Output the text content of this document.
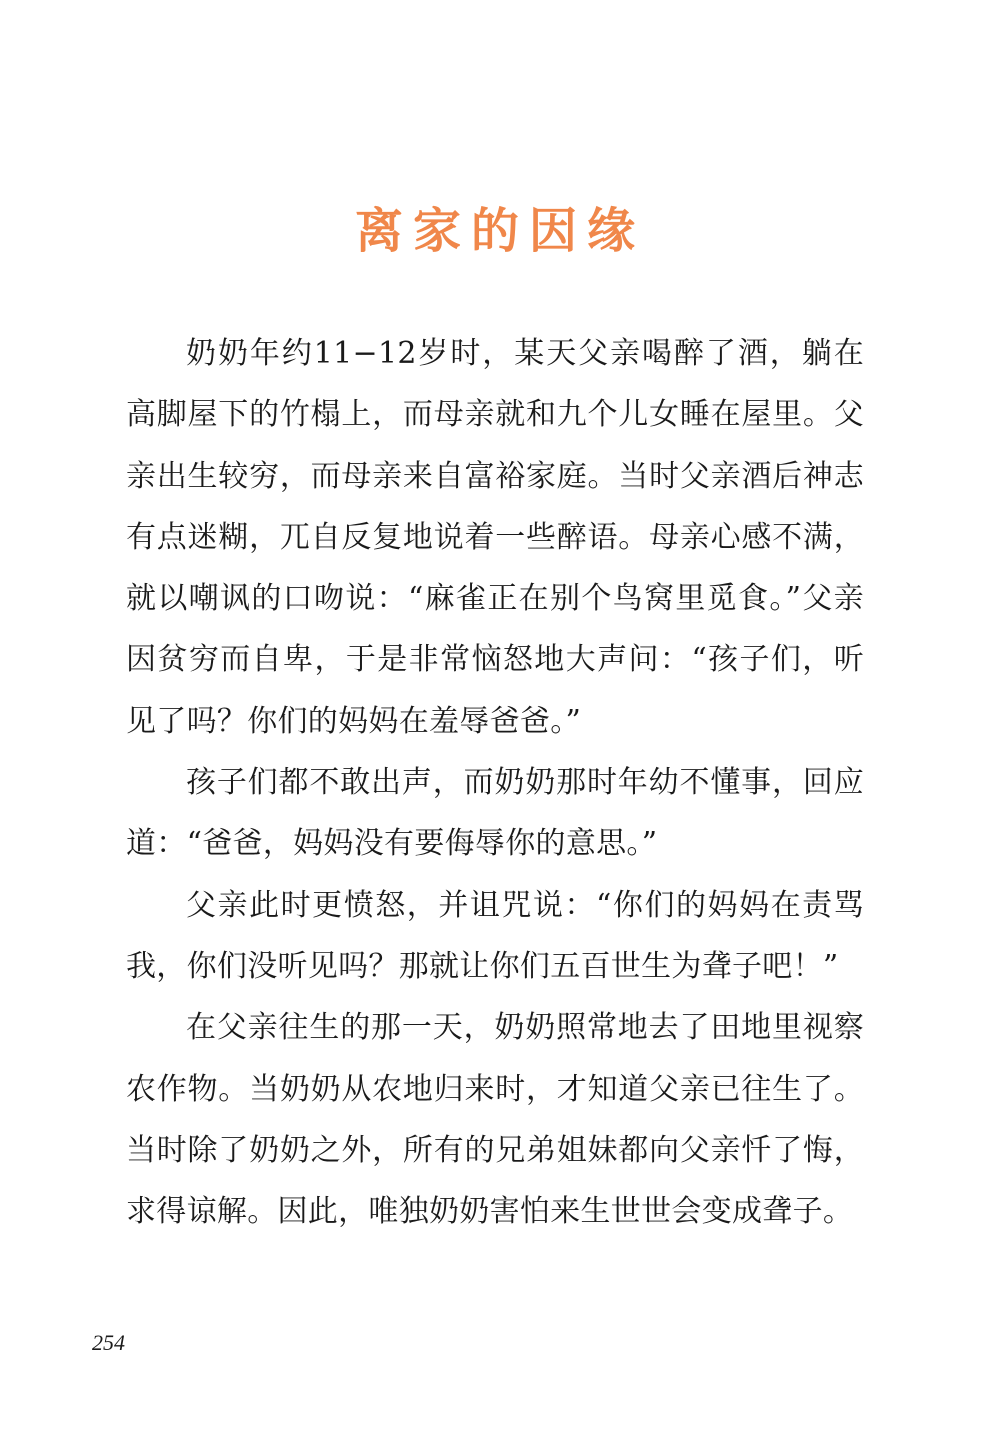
离家的因缘

奶奶年约11−12岁时，某天父亲喝醉了酒，躺在高脚屋下的竹榻上，而母亲就和九个儿女睡在屋里。父亲出生较穷，而母亲来自富裕家庭。当时父亲酒后神志有点迷糊，兀自反复地说着一些醉语。母亲心感不满，就以嘲讽的口吻说：“麻雀正在别个鸟窝里觅食。”父亲因贫穷而自卑，于是非常恼怒地大声问：“孩子们，听见了吗？你们的妈妈在羞辱爸爸。”

孩子们都不敢出声，而奶奶那时年幼不懂事，回应道：“爸爸，妈妈没有要侮辱你的意思。”

父亲此时更愤怒，并诅咒说：“你们的妈妈在责骂我，你们没听见吗？那就让你们五百世生为聋子吧！”

在父亲往生的那一天，奶奶照常地去了田地里视察农作物。当奶奶从农地归来时，才知道父亲已往生了。当时除了奶奶之外，所有的兄弟姐妹都向父亲忏了悔，求得谅解。因此，唯独奶奶害怕来生世世会变成聋子。

254
